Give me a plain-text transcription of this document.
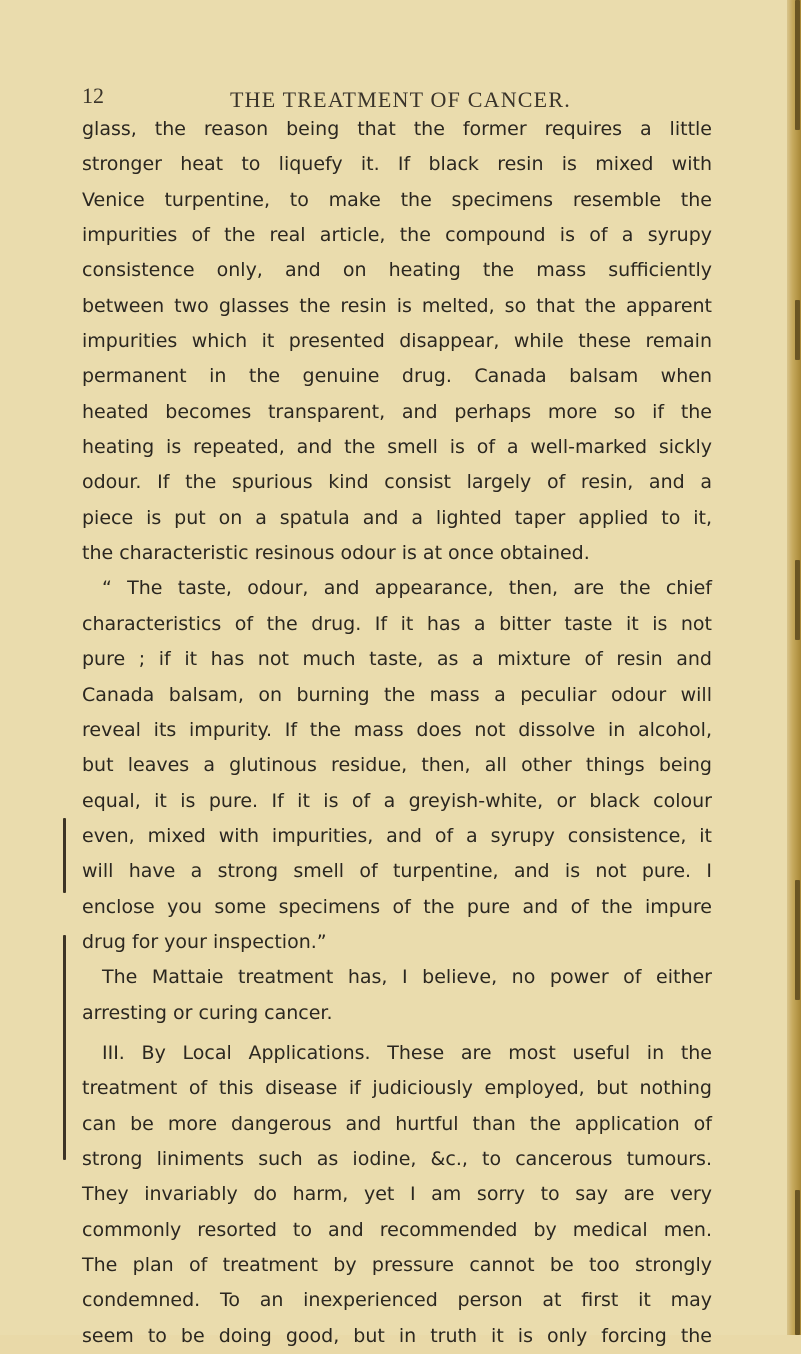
12	THE TREATMENT OF CANCER.
glass, the reason being that the former requires a little
stronger heat to liquefy it. If black resin is mixed with
Venice turpentine, to make the specimens resemble the
impurities of the real article, the compound is of a syrupy
consistence only, and on heating the mass sufficiently
between two glasses the resin is melted, so that the apparent
impurities which it presented disappear, while these remain
permanent in the genuine drug. Canada balsam when
heated becomes transparent, and perhaps more so if the
heating is repeated, and the smell is of a well-marked sickly
odour. If the spurious kind consist largely of resin, and a
piece is put on a spatula and a lighted taper applied to it,
the characteristic resinous odour is at once obtained.
“ The taste, odour, and appearance, then, are the chief
characteristics of the drug. If it has a bitter taste it is not
pure ; if it has not much taste, as a mixture of resin and
Canada balsam, on burning the mass a peculiar odour will
reveal its impurity. If the mass does not dissolve in alcohol,
but leaves a glutinous residue, then, all other things being
equal, it is pure. If it is of a greyish-white, or black colour
even, mixed with impurities, and of a syrupy consistence, it
will have a strong smell of turpentine, and is not pure. I
enclose you some specimens of the pure and of the impure
drug for your inspection.”
The Mattaie treatment has, I believe, no power of either
arresting or curing cancer.
III. By Local Applications. These are most useful in the
treatment of this disease if judiciously employed, but nothing
can be more dangerous and hurtful than the application of
strong liniments such as iodine, &c., to cancerous tumours.
They invariably do harm, yet I am sorry to say are very
commonly resorted to and recommended by medical men.
The plan of treatment by pressure cannot be too strongly
condemned. To an inexperienced person at first it may
seem to be doing good, but in truth it is only forcing the
